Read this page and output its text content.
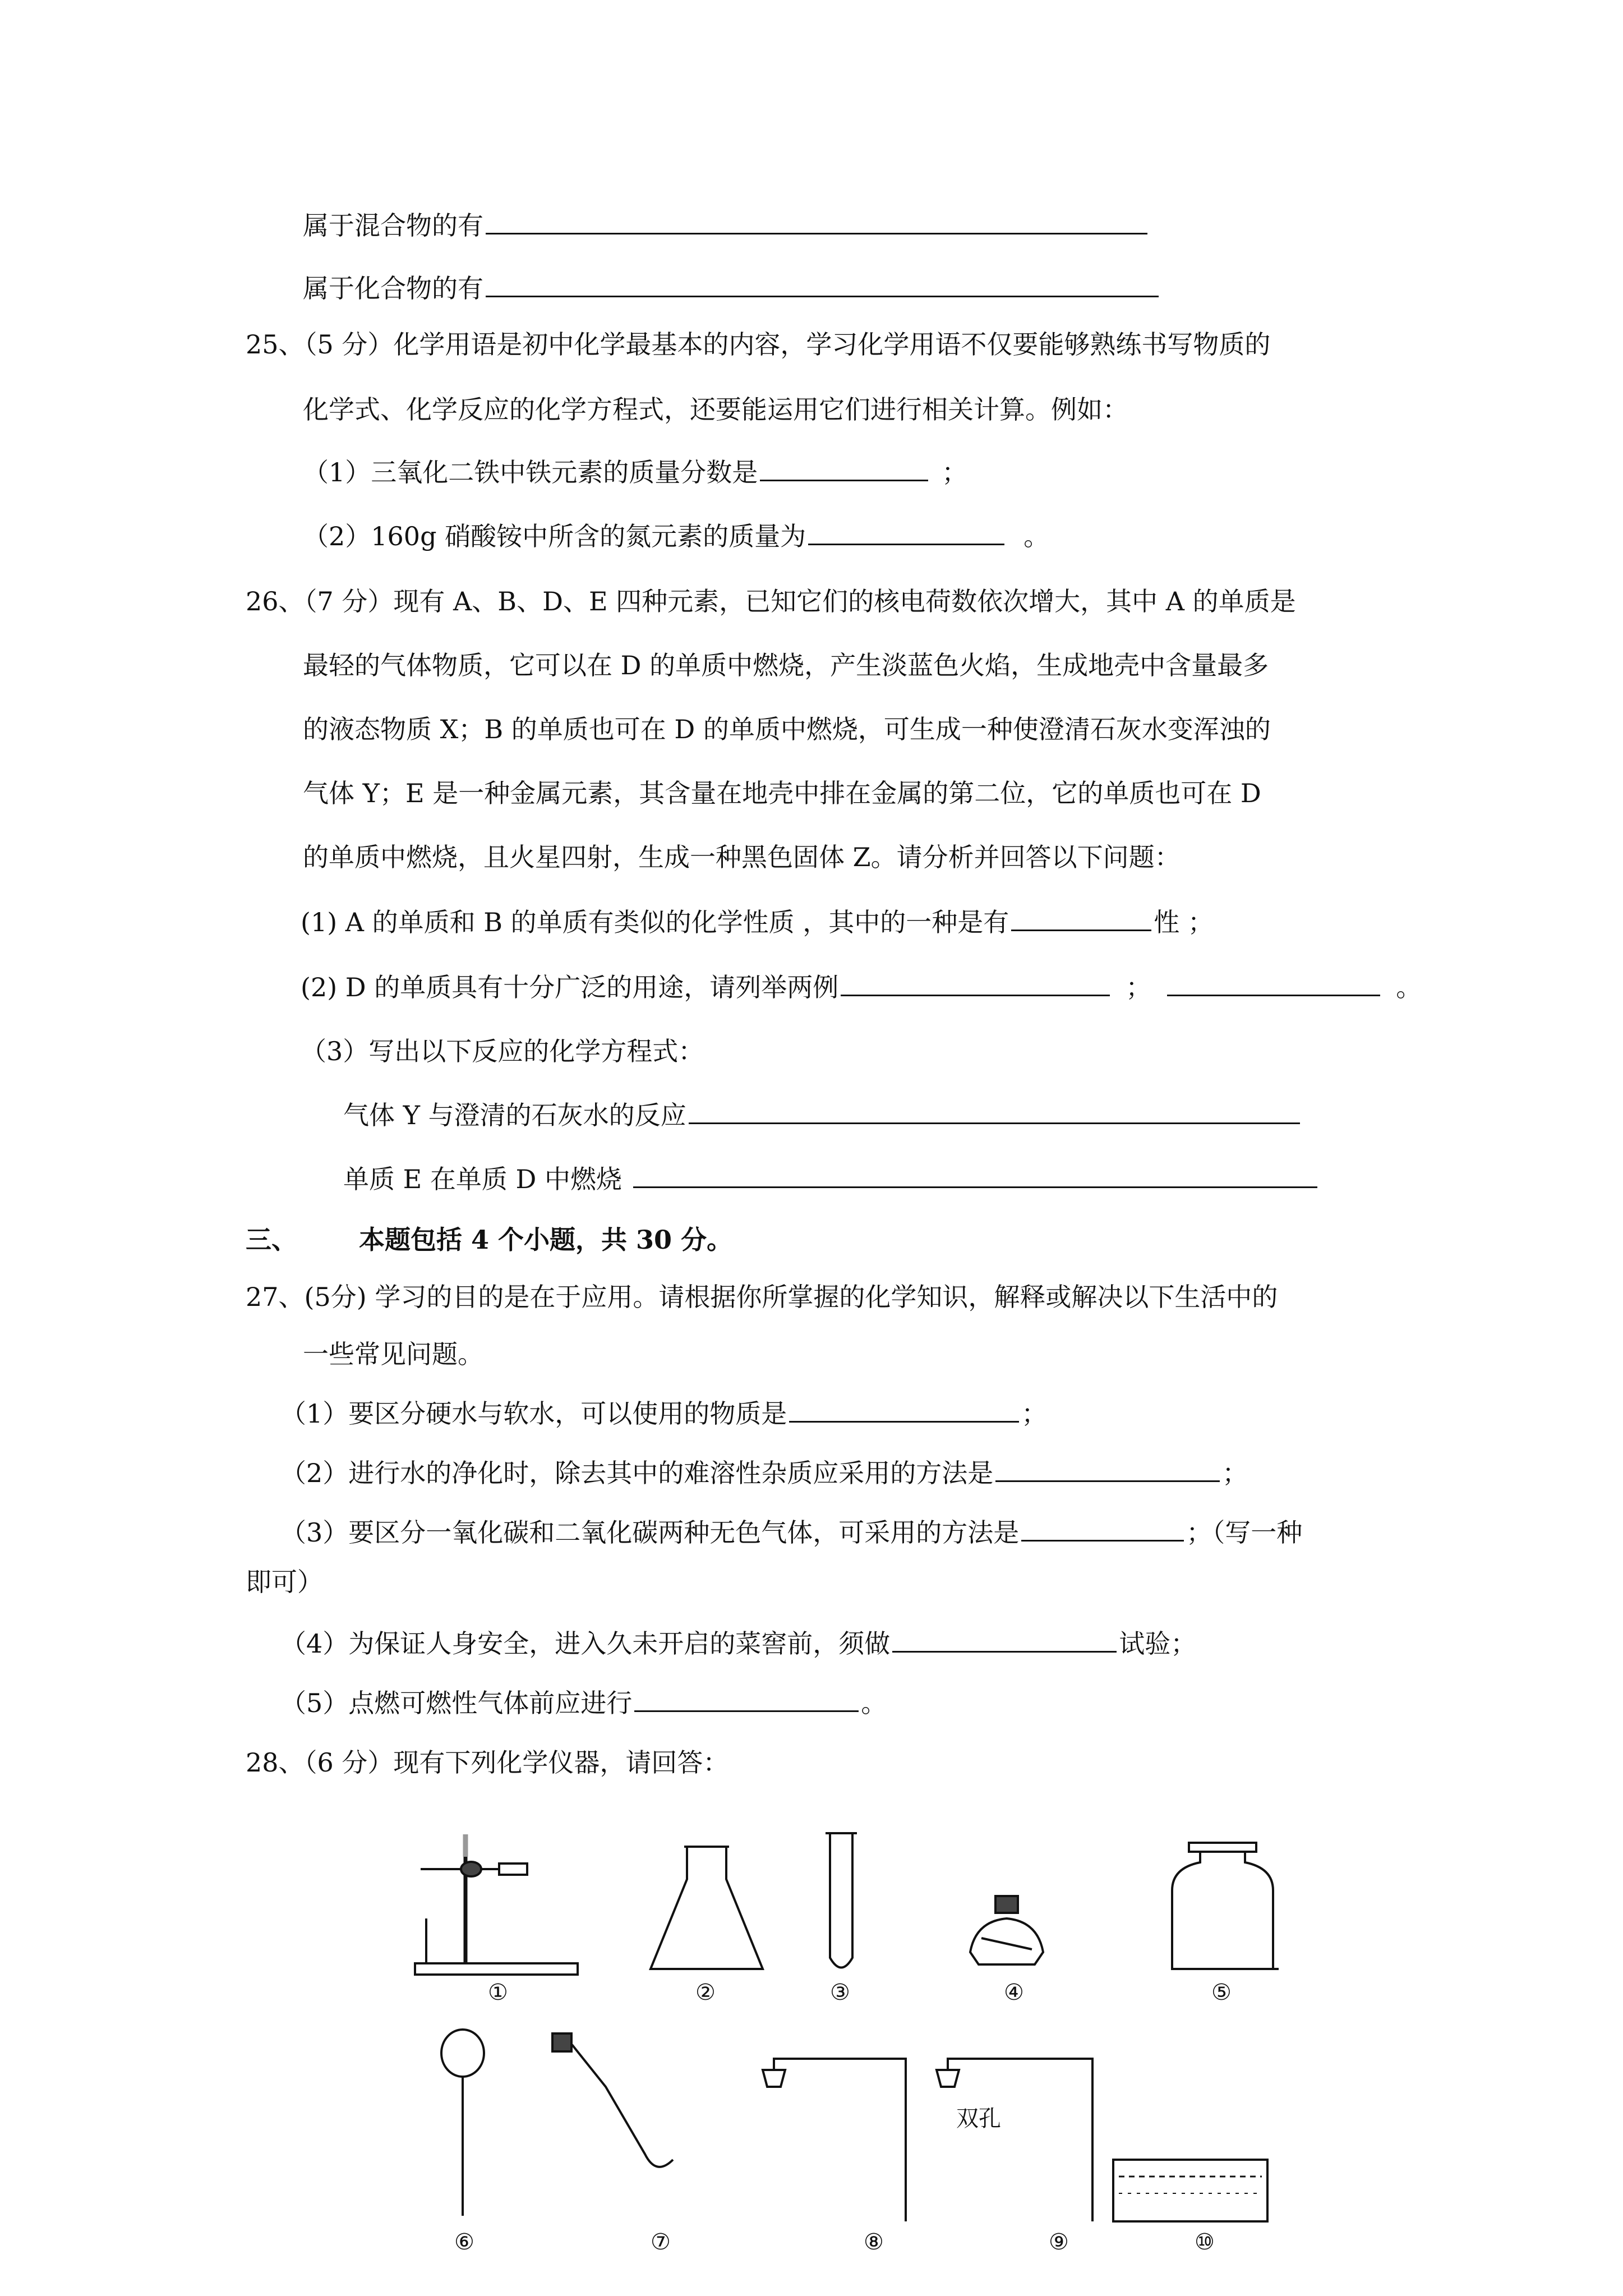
属于混合物的有
属于化合物的有
25、（5 分）化学用语是初中化学最基本的内容，学习化学用语不仅要能够熟练书写物质的
化学式、化学反应的化学方程式，还要能运用它们进行相关计算。例如：
（1）三氧化二铁中铁元素的质量分数是	；
（2）160g 硝酸铵中所含的氮元素的质量为	。
26、（7 分）现有 A、B、D、E 四种元素，已知它们的核电荷数依次增大，其中 A 的单质是
最轻的气体物质，它可以在 D 的单质中燃烧，产生淡蓝色火焰，生成地壳中含量最多
的液态物质 X；B 的单质也可在 D 的单质中燃烧，可生成一种使澄清石灰水变浑浊的
气体 Y；E 是一种金属元素，其含量在地壳中排在金属的第二位，它的单质也可在 D
的单质中燃烧，且火星四射，生成一种黑色固体 Z。请分析并回答以下问题：
(1) A 的单质和 B 的单质有类似的化学性质 ，其中的一种是有	性 ；
(2) D 的单质具有十分广泛的用途，请列举两例	；	。
（3）写出以下反应的化学方程式：
气体 Y 与澄清的石灰水的反应
单质 E 在单质 D 中燃烧
三、 本题包括 4 个小题，共 30 分。
27、(5分) 学习的目的是在于应用。请根据你所掌握的化学知识，解释或解决以下生活中的
一些常见问题。
（1）要区分硬水与软水，可以使用的物质是	；
（2）进行水的净化时，除去其中的难溶性杂质应采用的方法是	；
（3）要区分一氧化碳和二氧化碳两种无色气体，可采用的方法是	；（写一种
即可）
（4）为保证人身安全，进入久未开启的菜窖前，须做	试验；
（5）点燃可燃性气体前应进行	。
28、（6 分）现有下列化学仪器，请回答：
双孔
①	②	③	④	⑤
⑥	⑦	⑧	⑨	⑩
